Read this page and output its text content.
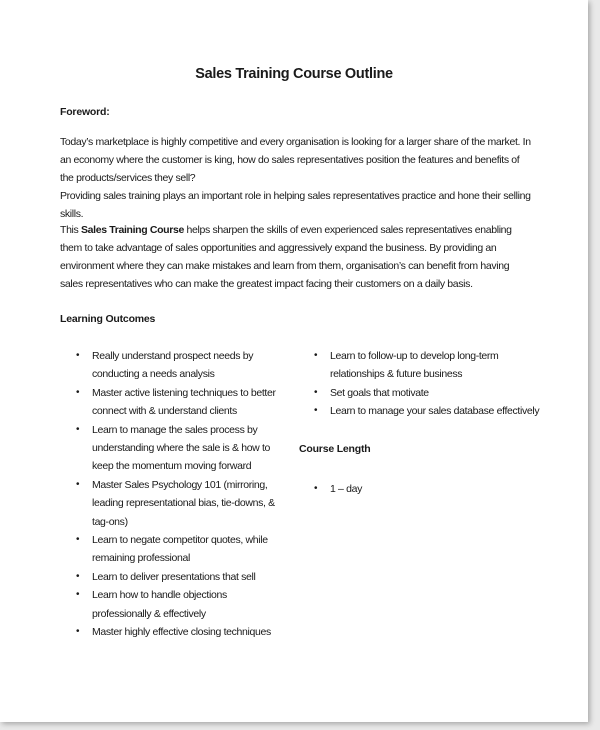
Sales Training Course Outline
Foreword:

Today’s marketplace is highly competitive and every organisation is looking for a larger share of the market. In an economy where the customer is king, how do sales representatives position the features and benefits of the products/services they sell?

Providing sales training plays an important role in helping sales representatives practice and hone their selling skills.

This Sales Training Course helps sharpen the skills of even experienced sales representatives enabling them to take advantage of sales opportunities and aggressively expand the business. By providing an environment where they can make mistakes and learn from them, organisation’s can benefit from having sales representatives who can make the greatest impact facing their customers on a daily basis.

Learning Outcomes
• Really understand prospect needs by conducting a needs analysis
• Master active listening techniques to better connect with & understand clients
• Learn to manage the sales process by understanding where the sale is & how to keep the momentum moving forward
• Master Sales Psychology 101 (mirroring, leading representational bias, tie-downs, & tag-ons)
• Learn to negate competitor quotes, while remaining professional
• Learn to deliver presentations that sell
• Learn how to handle objections professionally & effectively
• Master highly effective closing techniques
• Learn to follow-up to develop long-term relationships & future business
• Set goals that motivate
• Learn to manage your sales database effectively
Course Length
• 1 – day
